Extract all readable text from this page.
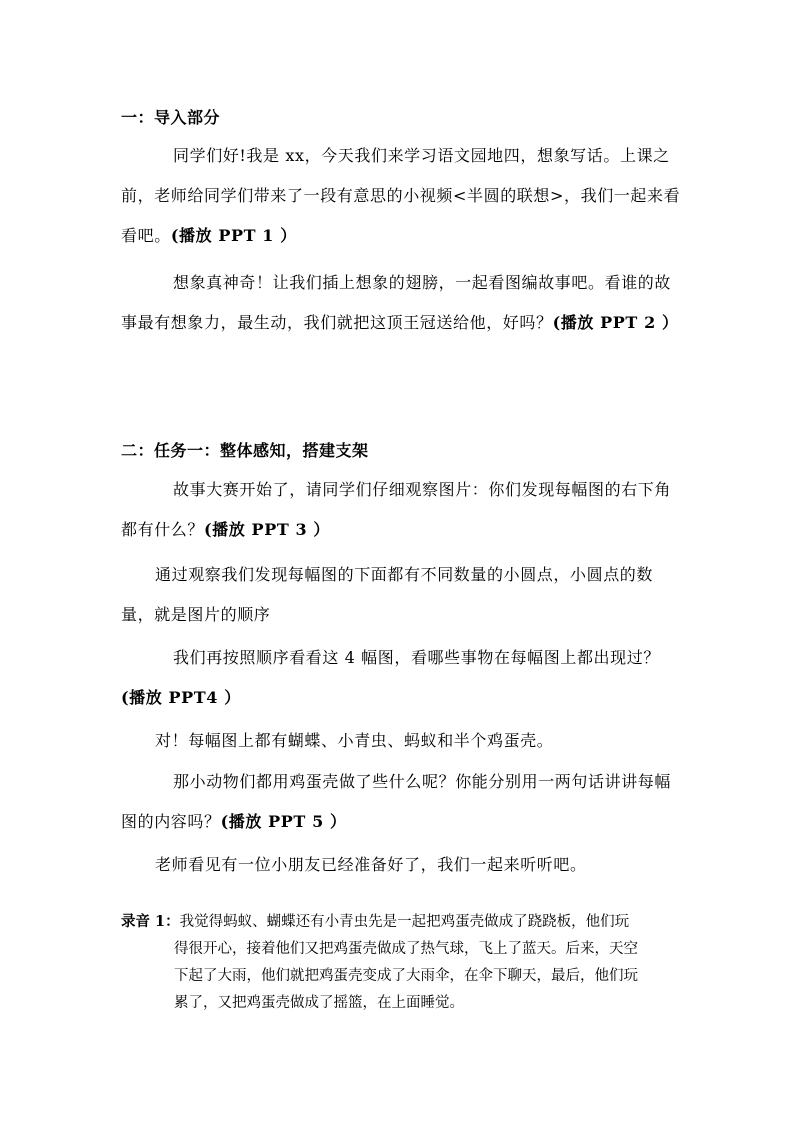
一：导入部分

同学们好!我是 xx，今天我们来学习语文园地四，想象写话。上课之前，老师给同学们带来了一段有意思的小视频<半圆的联想>，我们一起来看看吧。(播放 PPT 1 ）

想象真神奇！让我们插上想象的翅膀，一起看图编故事吧。看谁的故事最有想象力，最生动，我们就把这顶王冠送给他，好吗？(播放 PPT 2 ）

二：任务一：整体感知，搭建支架

故事大赛开始了，请同学们仔细观察图片：你们发现每幅图的右下角都有什么？(播放 PPT 3 ）

通过观察我们发现每幅图的下面都有不同数量的小圆点，小圆点的数量，就是图片的顺序

我们再按照顺序看看这 4 幅图，看哪些事物在每幅图上都出现过？(播放 PPT4 ）

对！每幅图上都有蝴蝶、小青虫、蚂蚁和半个鸡蛋壳。

那小动物们都用鸡蛋壳做了些什么呢？你能分别用一两句话讲讲每幅图的内容吗？(播放 PPT 5 ）

老师看见有一位小朋友已经准备好了，我们一起来听听吧。

录音 1：我觉得蚂蚁、蝴蝶还有小青虫先是一起把鸡蛋壳做成了跷跷板，他们玩
得很开心，接着他们又把鸡蛋壳做成了热气球，飞上了蓝天。后来，天空
下起了大雨，他们就把鸡蛋壳变成了大雨伞，在伞下聊天，最后，他们玩
累了，又把鸡蛋壳做成了摇篮，在上面睡觉。
